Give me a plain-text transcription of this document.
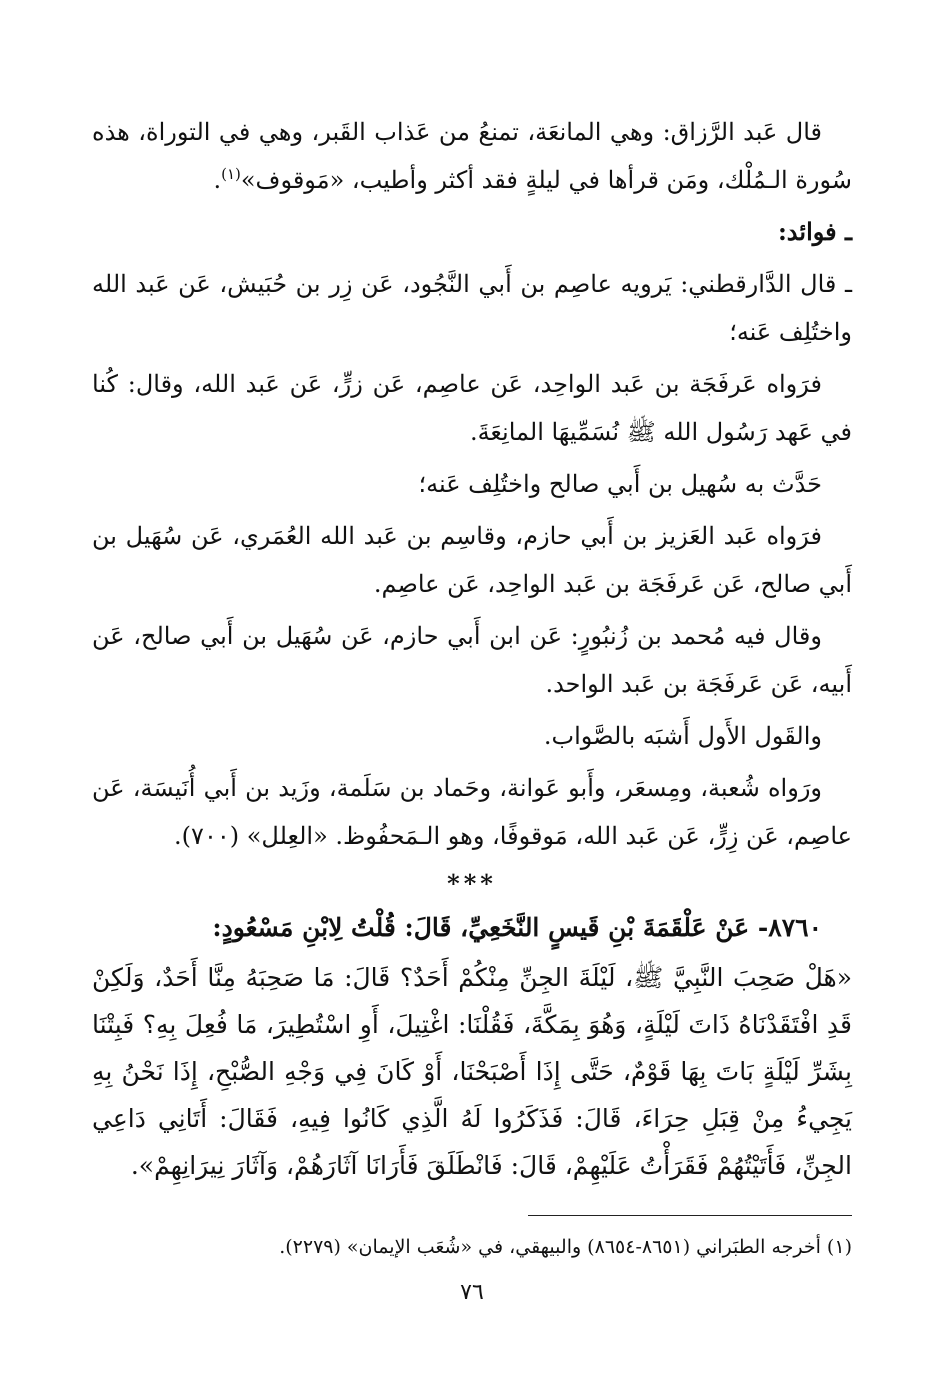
قال عَبد الرَّزاق: وهي المانعَة، تمنعُ من عَذاب القَبر، وهي في التوراة، هذه سُورة الـمُلْك، ومَن قرأها في ليلةٍ فقد أكثر وأطيب، «مَوقوف»$^{(١)}$.

ـ فوائد:

ـ قال الدَّارقطني: يَرويه عاصِم بن أَبي النَّجُود، عَن زِر بن حُبَيش، عَن عَبد الله واختُلِف عَنه؛

فرَواه عَرفَجَة بن عَبد الواحِد، عَن عاصِم، عَن زرٍّ، عَن عَبد الله، وقال: كُنا في عَهد رَسُول الله ﷺ نُسَمِّيهَا المانِعَةَ.

حَدَّث به سُهيل بن أَبي صالح واختُلِف عَنه؛

فرَواه عَبد العَزيز بن أَبي حازم، وقاسِم بن عَبد الله العُمَري، عَن سُهَيل بن أَبي صالح، عَن عَرفَجَة بن عَبد الواحِد، عَن عاصِم.

وقال فيه مُحمد بن زُنبُورٍ: عَن ابن أَبي حازم، عَن سُهَيل بن أَبي صالح، عَن أَبيه، عَن عَرفَجَة بن عَبد الواحد.

والقَول الأَول أَشبَه بالصَّواب.

ورَواه شُعبة، ومِسعَر، وأَبو عَوانة، وحَماد بن سَلَمة، وزَيد بن أَبي أُنَيسَة، عَن عاصِم، عَن زِرٍّ، عَن عَبد الله، مَوقوفًا، وهو الـمَحفُوظ. «العِلل» (٧٠٠).

***

٨٧٦٠- عَنْ عَلْقَمَةَ بْنِ قَيسٍ النَّخَعِيِّ، قَالَ: قُلْتُ لِابْنِ مَسْعُودٍ:

«هَلْ صَحِبَ النَّبِيَّ ﷺ، لَيْلَةَ الجِنِّ مِنْكُمْ أَحَدٌ؟ قَالَ: مَا صَحِبَهُ مِنَّا أَحَدٌ، وَلَكِنْ قَدِ افْتَقَدْنَاهُ ذَاتَ لَيْلَةٍ، وَهُوَ بِمَكَّةَ، فَقُلْنَا: اغْتِيلَ، أَوِ اسْتُطِيرَ، مَا فُعِلَ بِهِ؟ فَبِتْنَا بِشَرِّ لَيْلَةٍ بَاتَ بِهَا قَوْمٌ، حَتَّى إِذَا أَصْبَحْنَا، أَوْ كَانَ فِي وَجْهِ الصُّبْحِ، إِذَا نَحْنُ بِهِ يَجِيءُ مِنْ قِبَلِ حِرَاءَ، قَالَ: فَذَكَرُوا لَهُ الَّذِي كَانُوا فِيهِ، فَقَالَ: أَتَانِي دَاعِي الجِنِّ، فَأَتَيْتُهُمْ فَقَرَأْتُ عَلَيْهِمْ، قَالَ: فَانْطَلَقَ فَأَرَانَا آثَارَهُمْ، وَآثَارَ نِيرَانِهِمْ».

(١) أخرجه الطبَراني (٨٦٥١-٨٦٥٤) والبيهقي، في «شُعَب الإيمان» (٢٢٧٩).
٧٦
